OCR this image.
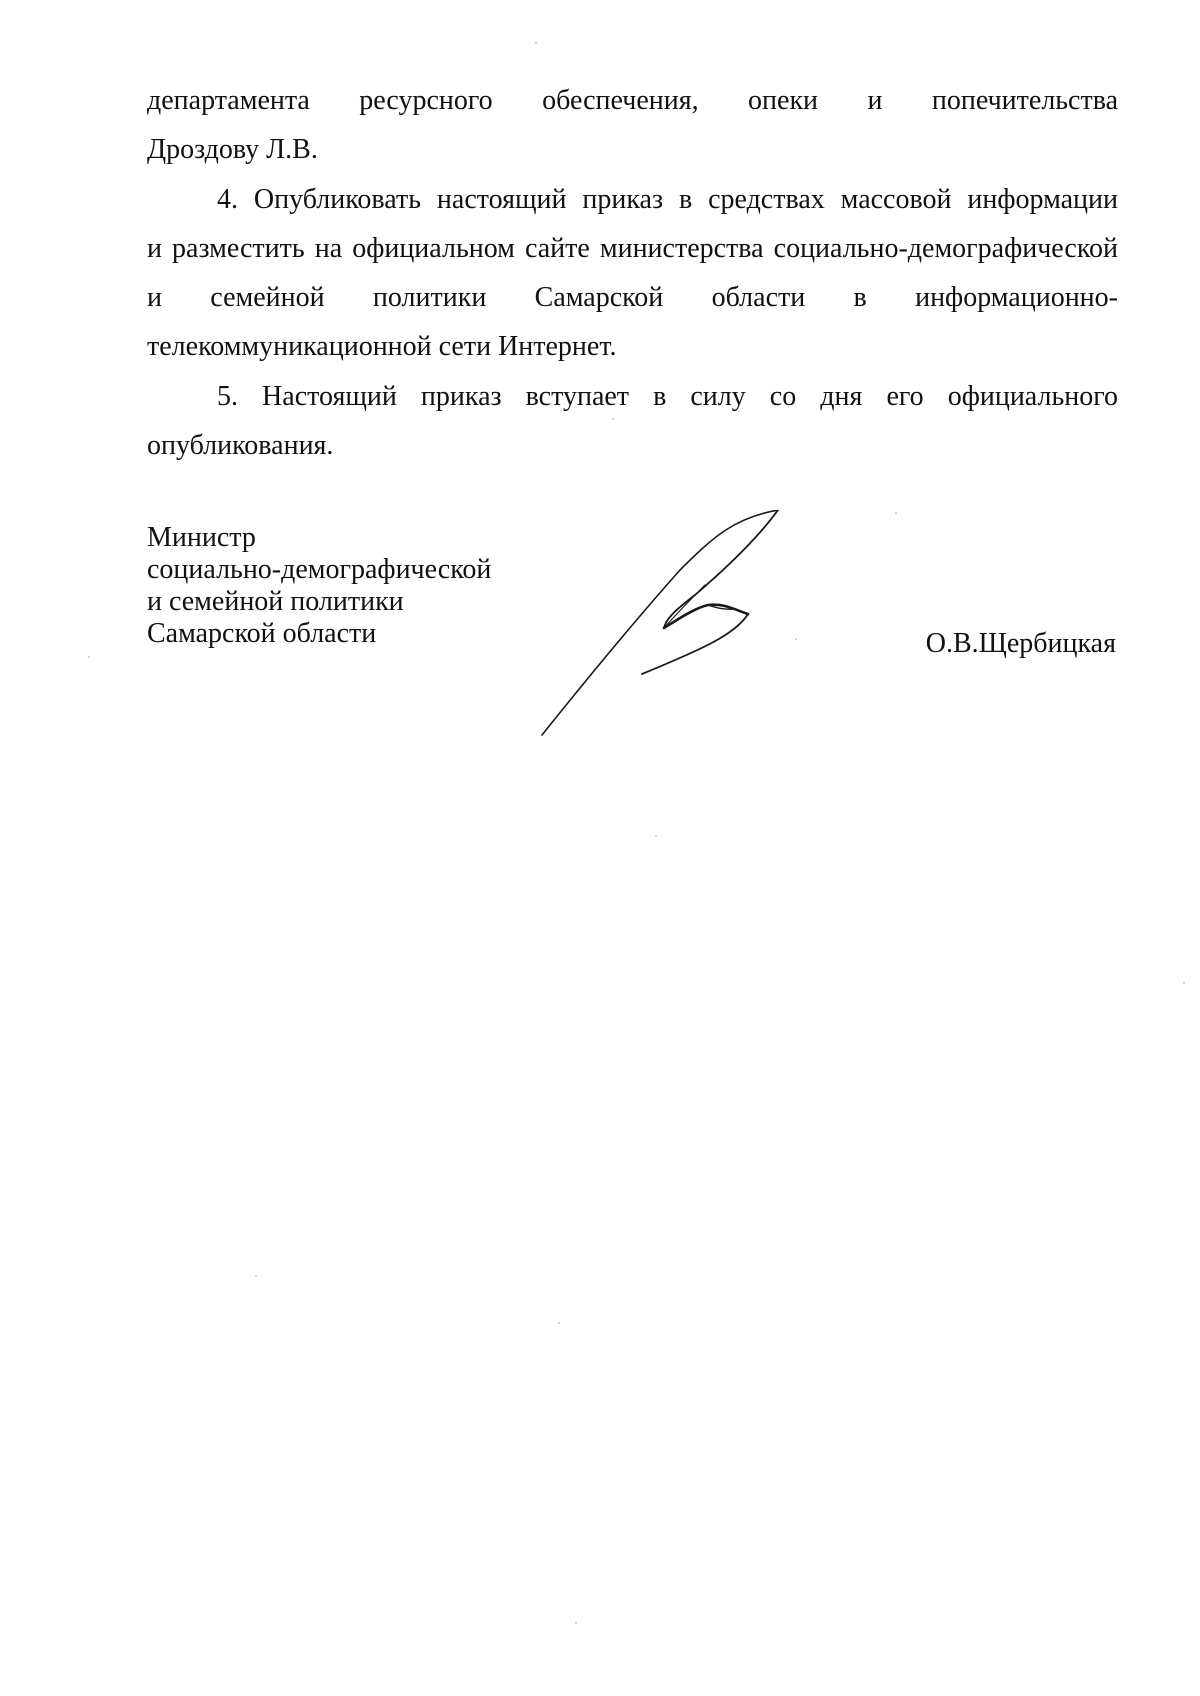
департамента ресурсного обеспечения, опеки и попечительства
Дроздову Л.В.
4. Опубликовать настоящий приказ в средствах массовой информации
и разместить на официальном сайте министерства социально-демографической
и семейной политики Самарской области в информационно-
телекоммуникационной сети Интернет.
5. Настоящий приказ вступает в силу со дня его официального
опубликования.
Министр
социально-демографической
и семейной политики
Самарской области	О.В.Щербицкая
